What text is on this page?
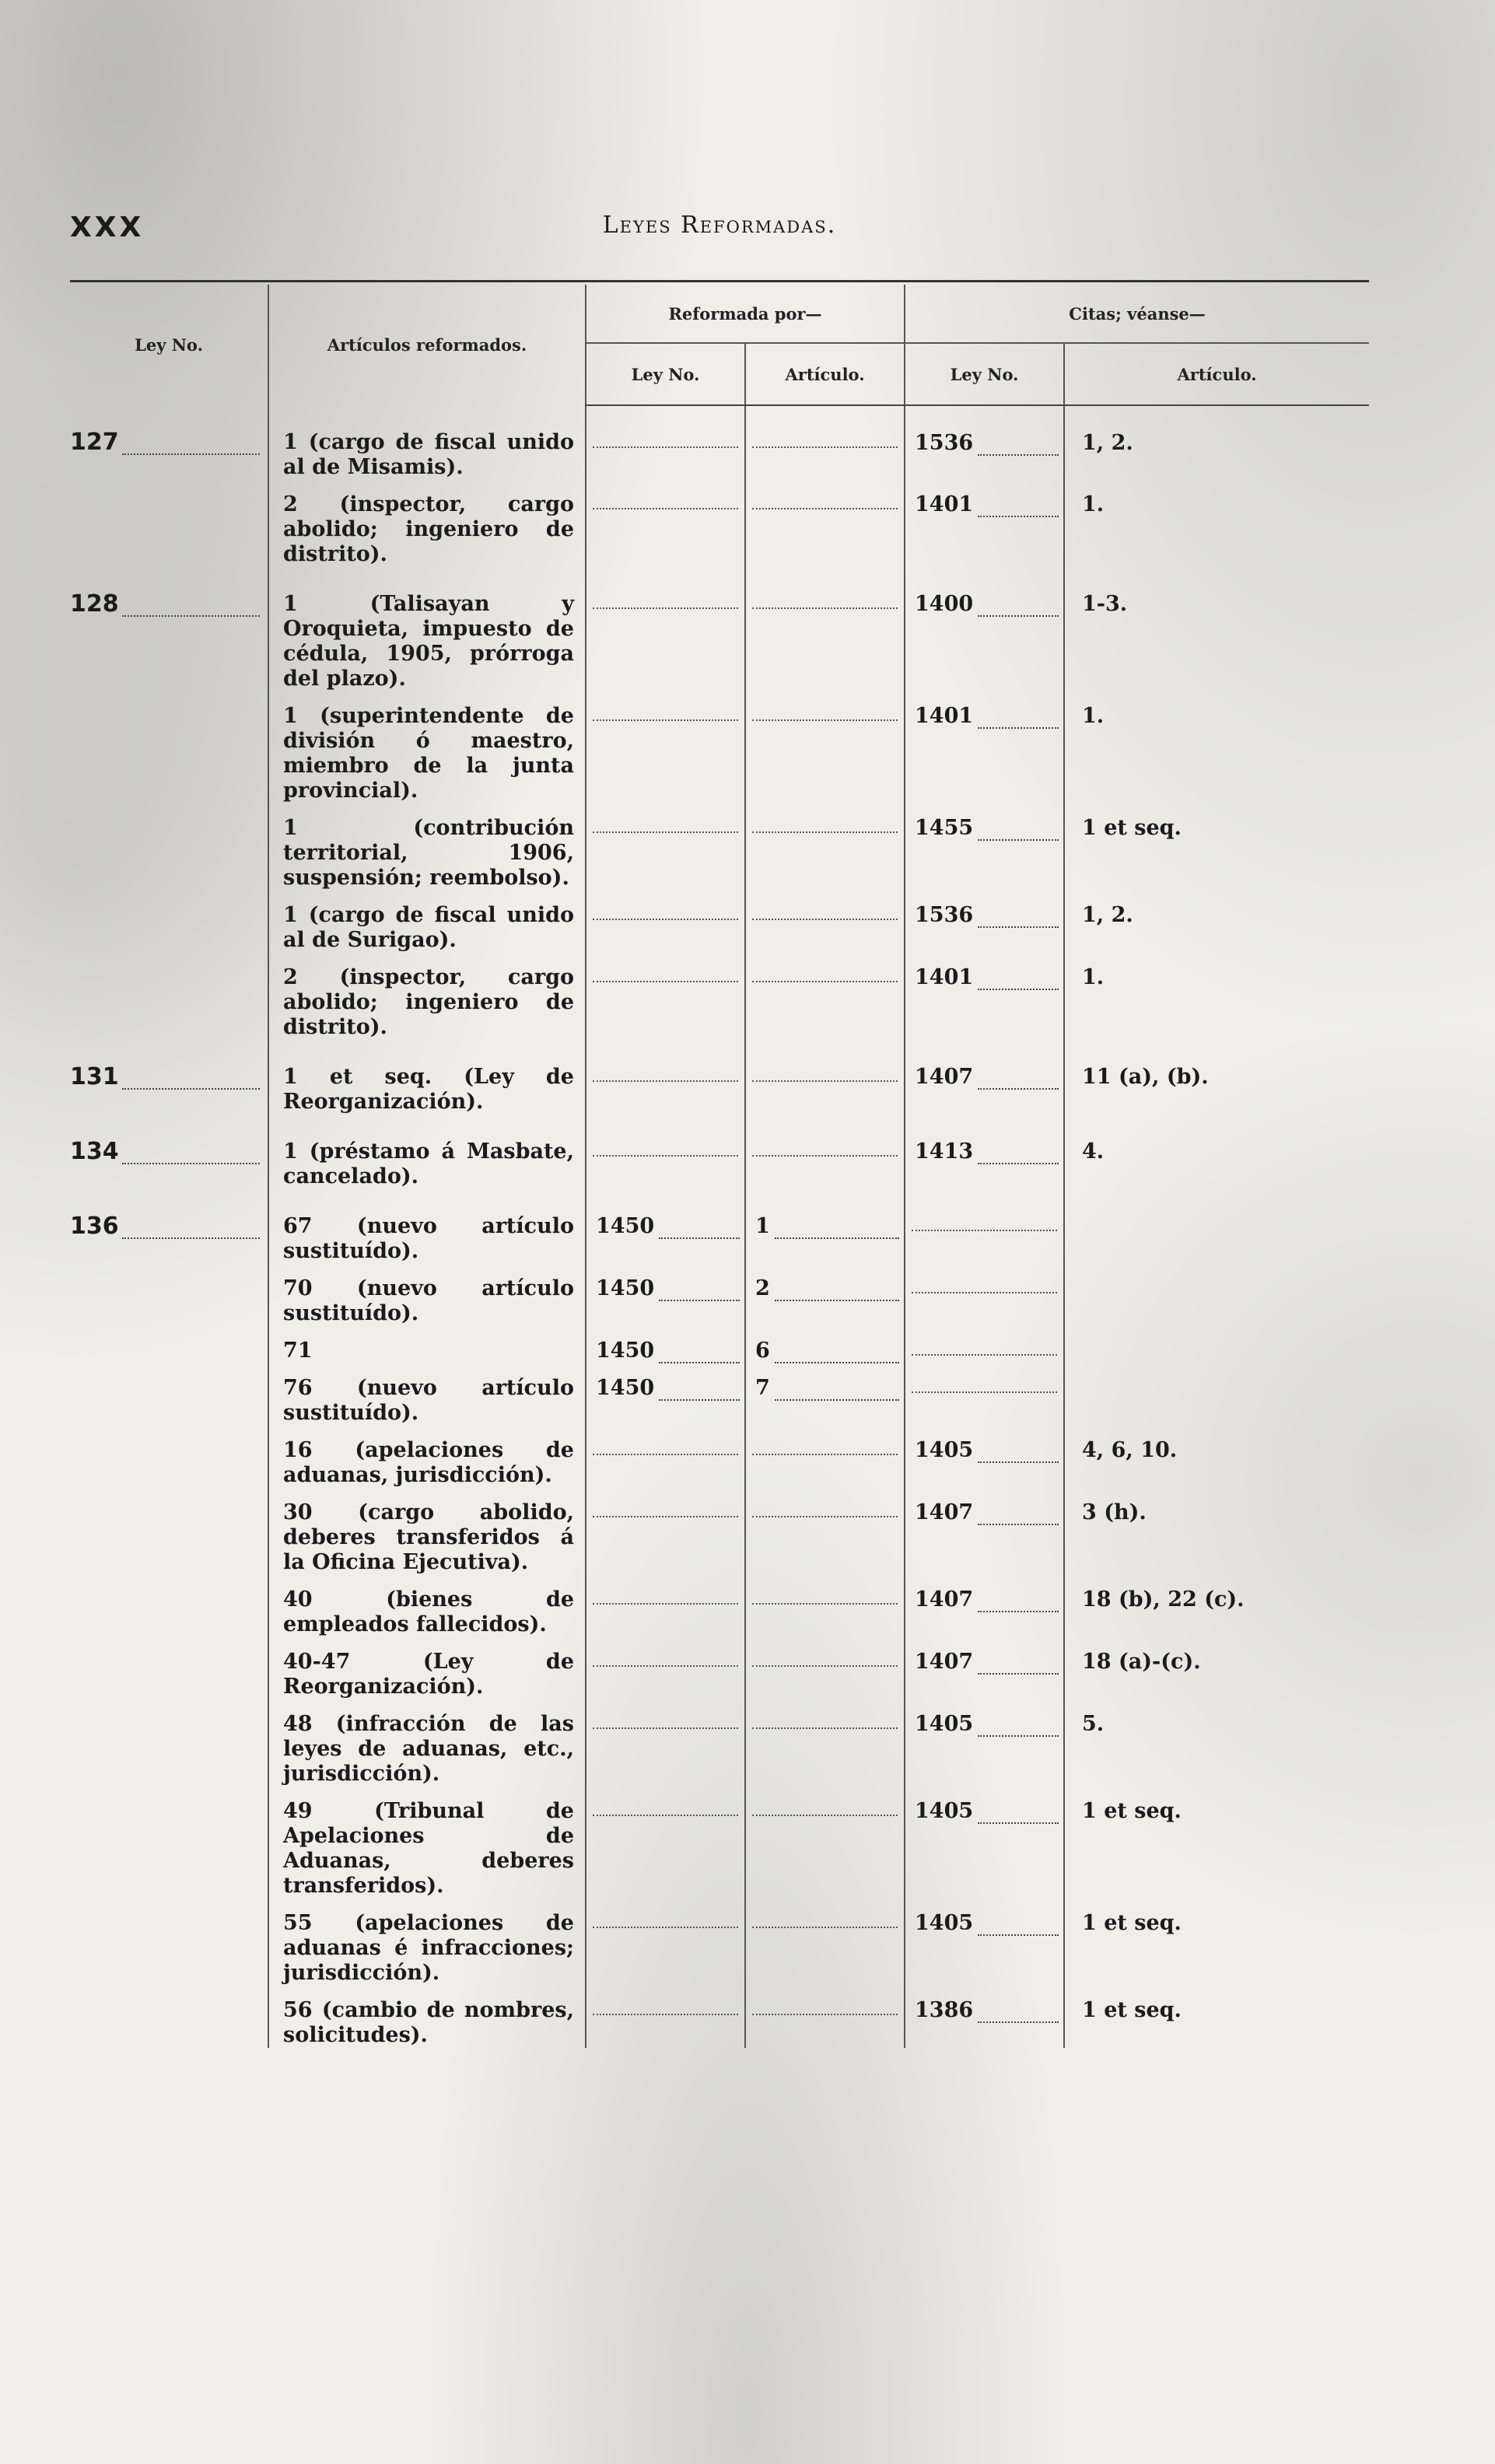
XXX	Leyes Reformadas.
Ley No.	Artículos reformados.	Reformada por—		Citas; véanse—	
		Ley No.	Artículo.	Ley No.	Artículo.

127	1 (cargo de fiscal unido al de Misamis).			1536	1, 2.

	2 (inspector, cargo abolido; ingeniero de distrito).			1401	1.

128	1 (Talisayan y Oroquieta, impuesto de cédula, 1905, prórroga del plazo).			1400	1-3.

	1 (superintendente de división ó maestro, miembro de la junta provincial).			1401	1.

	1 (contribución territorial, 1906, suspensión; reembolso).			1455	1 et seq.

	1 (cargo de fiscal unido al de Surigao).			1536	1, 2.

	2 (inspector, cargo abolido; ingeniero de distrito).			1401	1.

131	1 et seq. (Ley de Reorganización).			1407	11 (a), (b).

134	1 (préstamo á Masbate, cancelado).			1413	4.

136	67 (nuevo artículo sustituído).	1450	1		

	70 (nuevo artículo sustituído).	1450	2		

	71	1450	6		

	76 (nuevo artículo sustituído).	1450	7		

	16 (apelaciones de aduanas, jurisdicción).			1405	4, 6, 10.

	30 (cargo abolido, deberes transferidos á la Oficina Ejecutiva).			1407	3 (h).

	40 (bienes de empleados fallecidos).			1407	18 (b), 22 (c).

	40-47 (Ley de Reorganización).			1407	18 (a)-(c).

	48 (infracción de las leyes de aduanas, etc., jurisdicción).			1405	5.

	49 (Tribunal de Apelaciones de Aduanas, deberes transferidos).			1405	1 et seq.

	55 (apelaciones de aduanas é infracciones; jurisdicción).			1405	1 et seq.

	56 (cambio de nombres, solicitudes).			1386	1 et seq.
